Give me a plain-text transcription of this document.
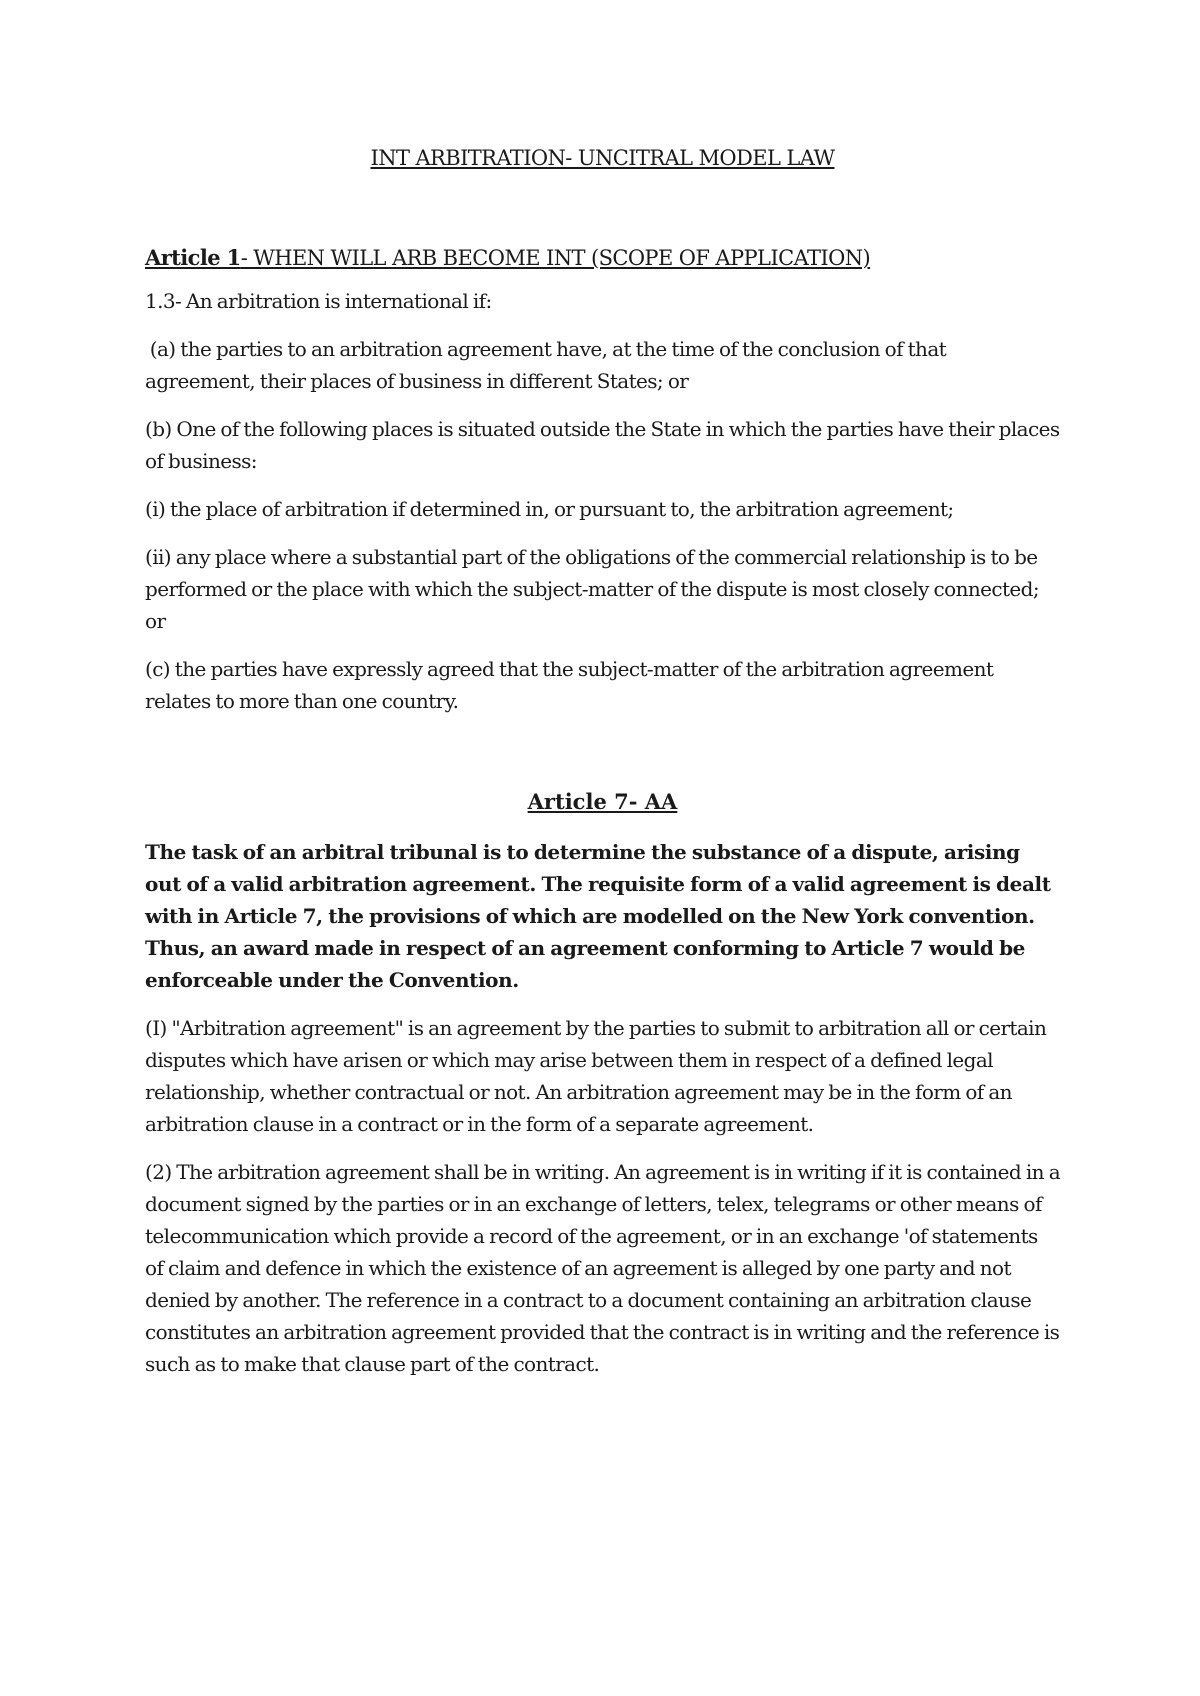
INT ARBITRATION- UNCITRAL MODEL LAW
Article 1- WHEN WILL ARB BECOME INT (SCOPE OF APPLICATION)

1.3- An arbitration is international if:

(a) the parties to an arbitration agreement have, at the time of the conclusion of that agreement, their places of business in different States; or

(b) One of the following places is situated outside the State in which the parties have their places of business:

(i) the place of arbitration if determined in, or pursuant to, the arbitration agreement;

(ii) any place where a substantial part of the obligations of the commercial relationship is to be performed or the place with which the subject-matter of the dispute is most closely connected; or

(c) the parties have expressly agreed that the subject-matter of the arbitration agreement relates to more than one country.

Article 7- AA

The task of an arbitral tribunal is to determine the substance of a dispute, arising out of a valid arbitration agreement. The requisite form of a valid agreement is dealt with in Article 7, the provisions of which are modelled on the New York convention. Thus, an award made in respect of an agreement conforming to Article 7 would be enforceable under the Convention.

(I) "Arbitration agreement" is an agreement by the parties to submit to arbitration all or certain disputes which have arisen or which may arise between them in respect of a defined legal relationship, whether contractual or not. An arbitration agreement may be in the form of an arbitration clause in a contract or in the form of a separate agreement.

(2) The arbitration agreement shall be in writing. An agreement is in writing if it is contained in a document signed by the parties or in an exchange of letters, telex, telegrams or other means of telecommunication which provide a record of the agreement, or in an exchange 'of statements of claim and defence in which the existence of an agreement is alleged by one party and not denied by another. The reference in a contract to a document containing an arbitration clause constitutes an arbitration agreement provided that the contract is in writing and the reference is such as to make that clause part of the contract.
